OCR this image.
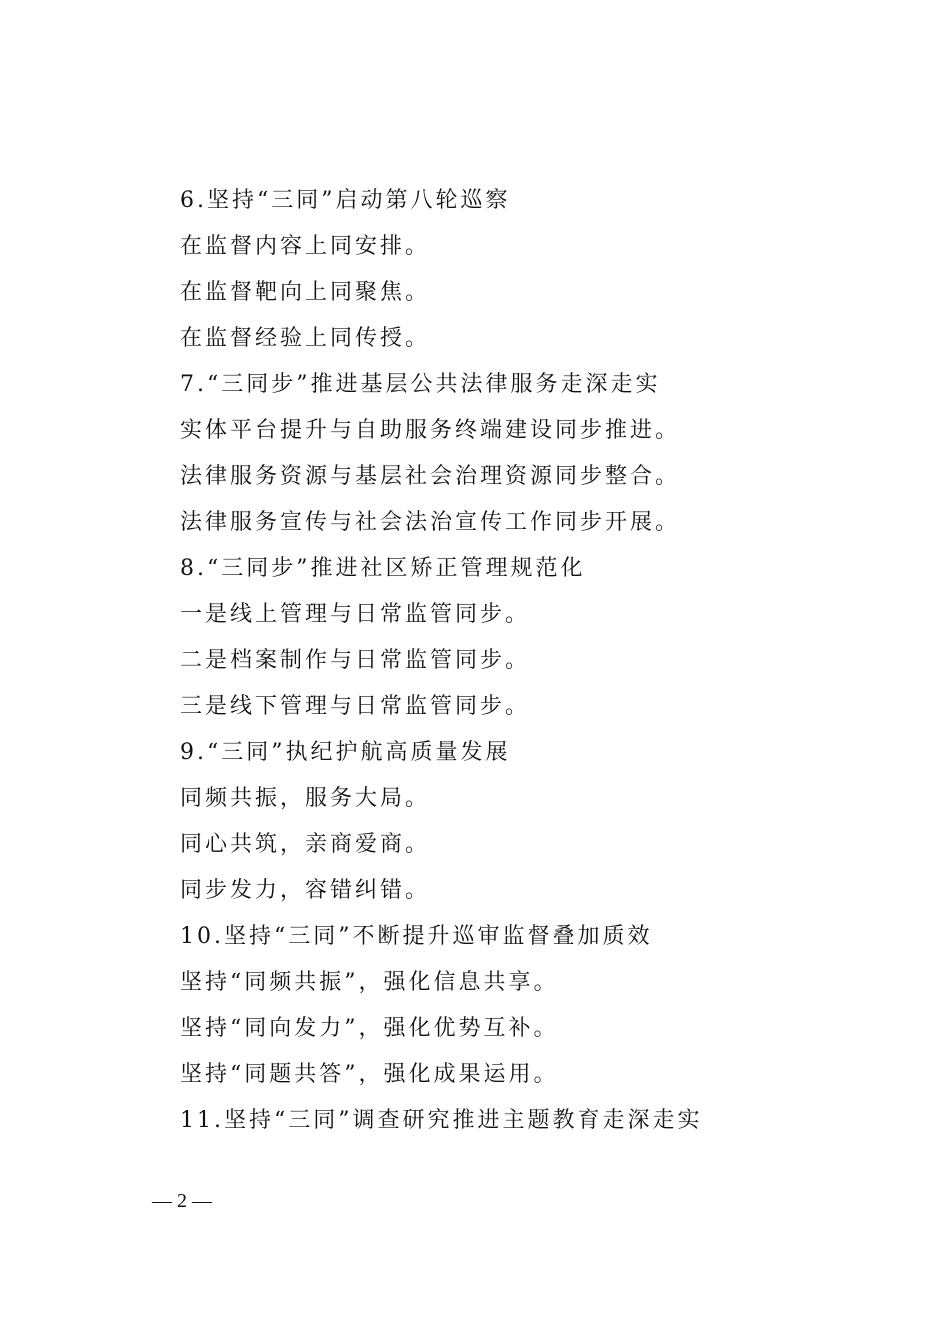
6.坚持“三同”启动第八轮巡察
在监督内容上同安排。
在监督靶向上同聚焦。
在监督经验上同传授。
7.“三同步”推进基层公共法律服务走深走实
实体平台提升与自助服务终端建设同步推进。
法律服务资源与基层社会治理资源同步整合。
法律服务宣传与社会法治宣传工作同步开展。
8.“三同步”推进社区矫正管理规范化
一是线上管理与日常监管同步。
二是档案制作与日常监管同步。
三是线下管理与日常监管同步。
9.“三同”执纪护航高质量发展
同频共振，服务大局。
同心共筑，亲商爱商。
同步发力，容错纠错。
10.坚持“三同”不断提升巡审监督叠加质效
坚持“同频共振”，强化信息共享。
坚持“同向发力”，强化优势互补。
坚持“同题共答”，强化成果运用。
11.坚持“三同”调查研究推进主题教育走深走实
— 2 —
